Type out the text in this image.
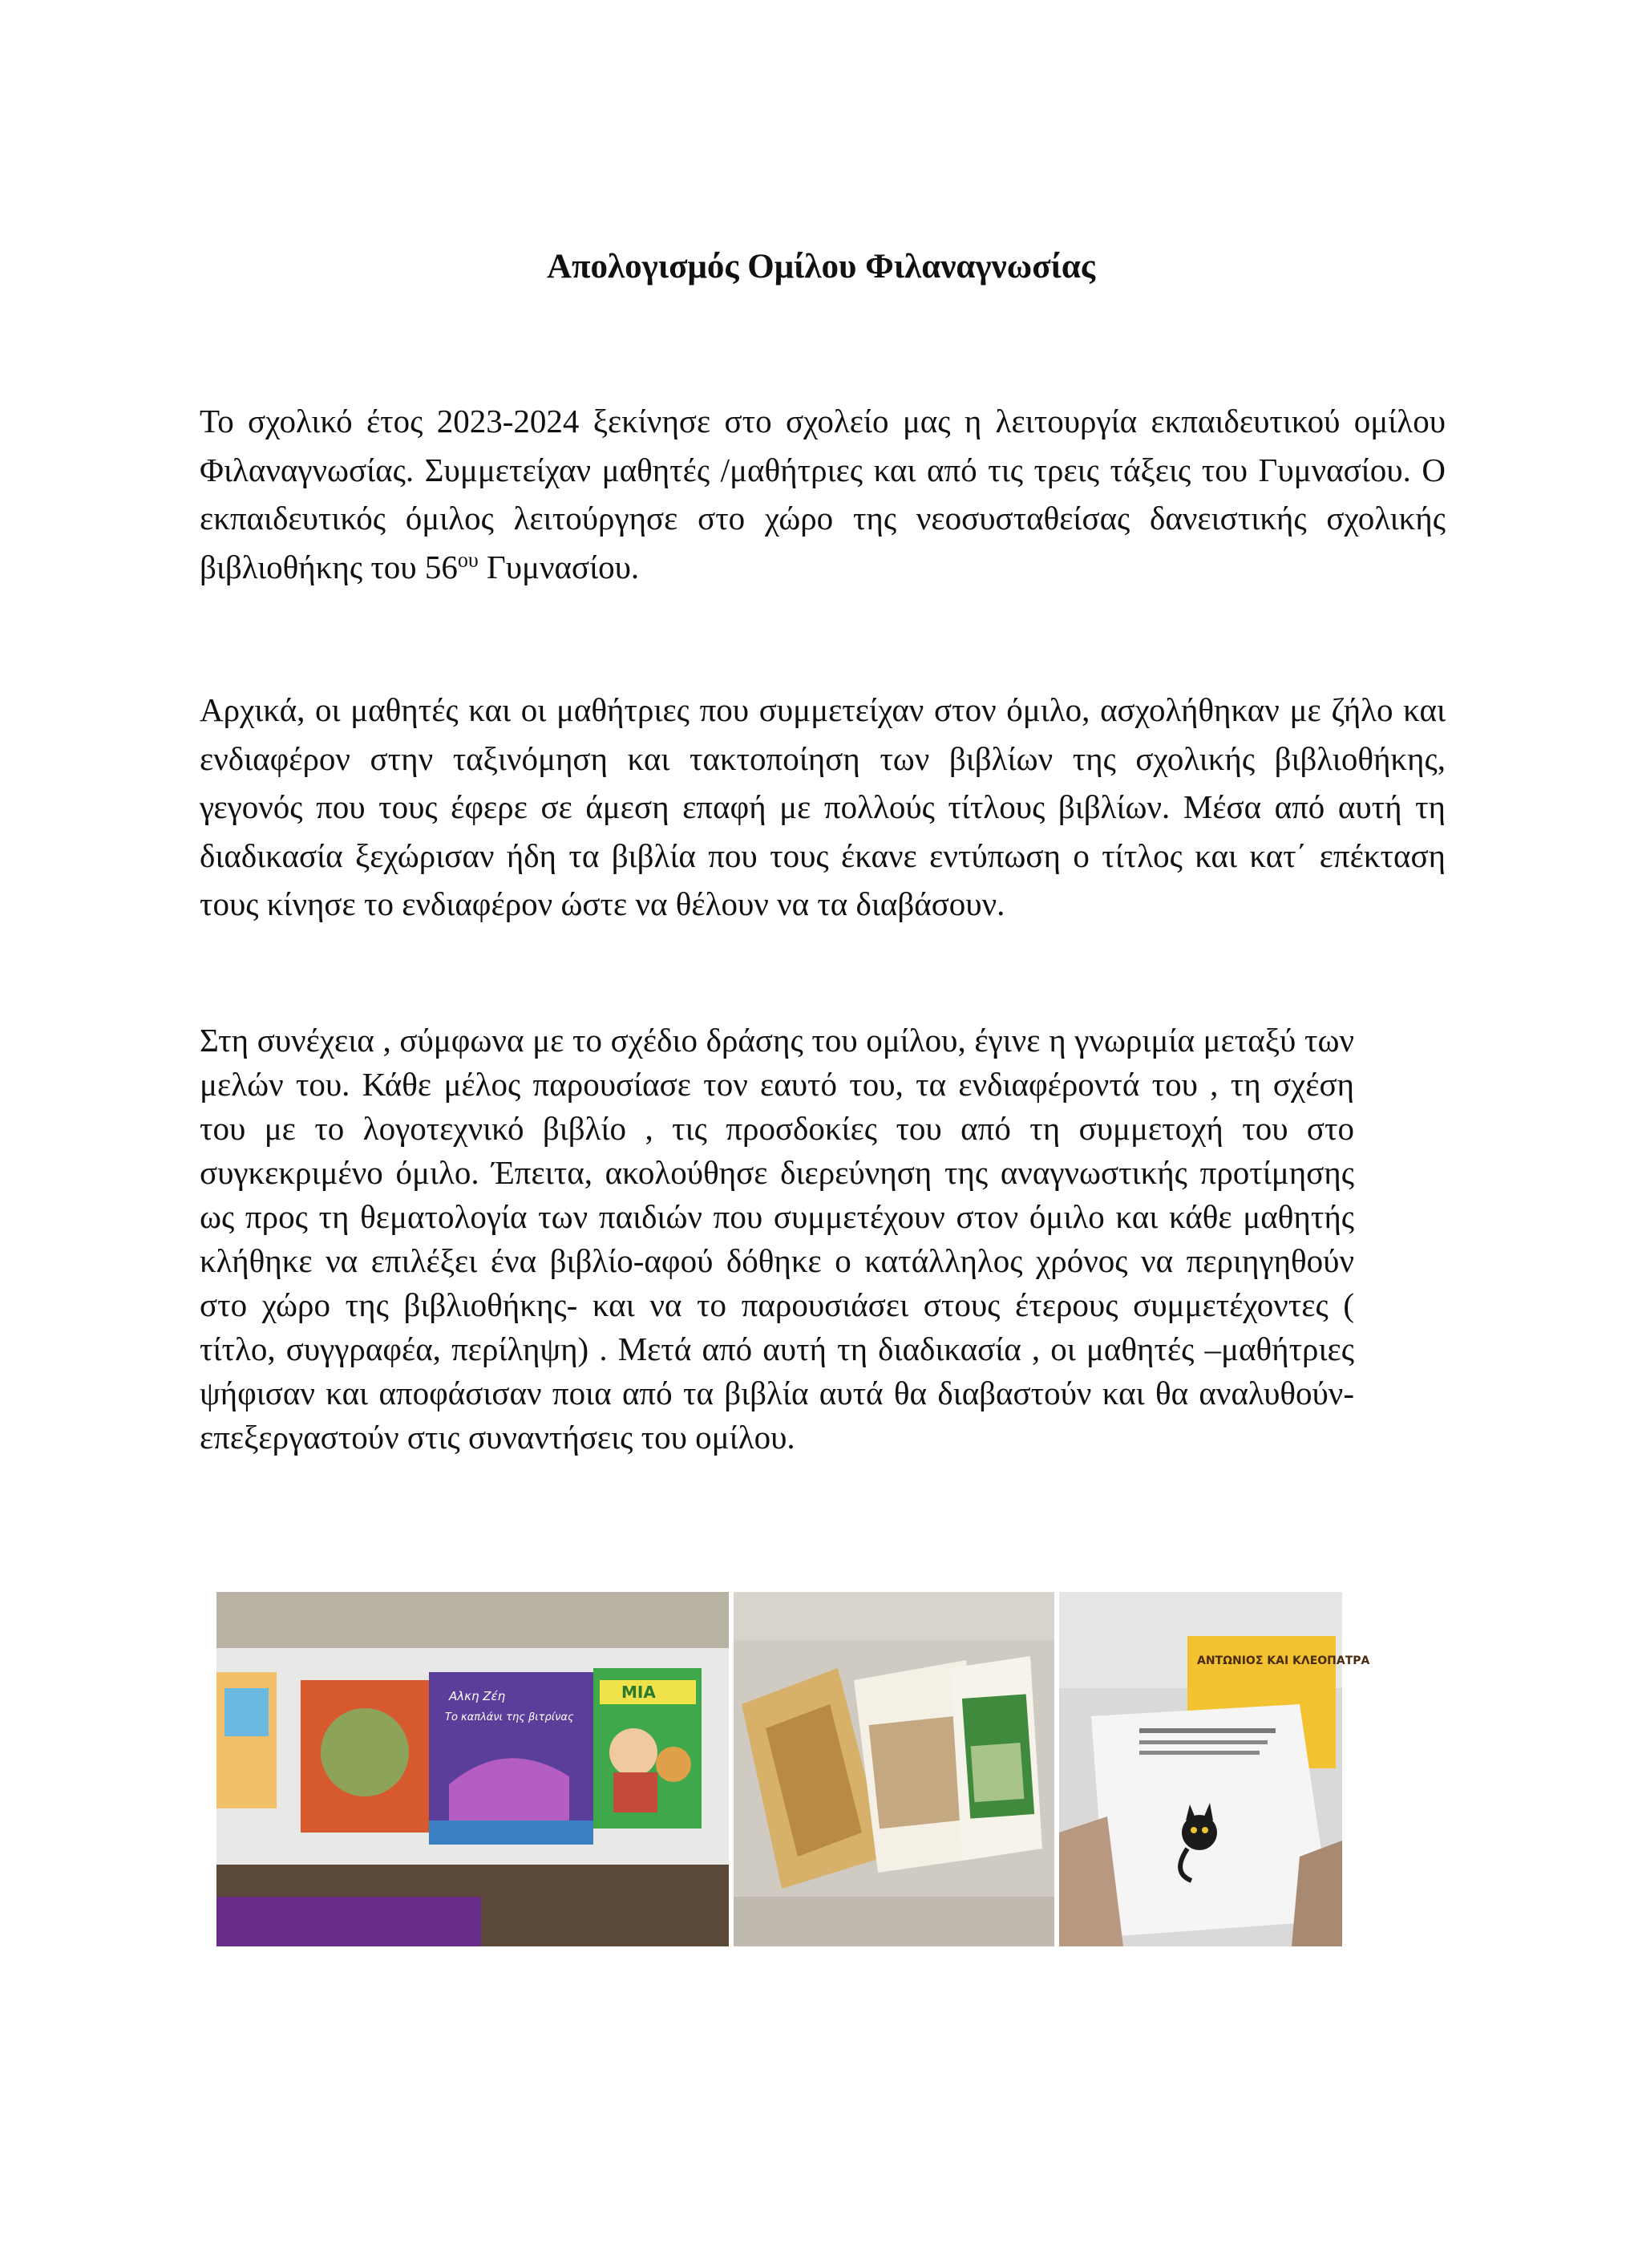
Απολογισμός Ομίλου Φιλαναγνωσίας

Το σχολικό έτος 2023-2024 ξεκίνησε στο σχολείο μας η λειτουργία εκπαιδευτικού ομίλου Φιλαναγνωσίας. Συμμετείχαν μαθητές /μαθήτριες και από τις τρεις τάξεις του Γυμνασίου. Ο εκπαιδευτικός όμιλος λειτούργησε στο χώρο της νεοσυσταθείσας δανειστικής σχολικής βιβλιοθήκης του $56^{o\upsilon}$ Γυμνασίου.

Αρχικά, οι μαθητές και οι μαθήτριες που συμμετείχαν στον όμιλο, ασχολήθηκαν με ζήλο και ενδιαφέρον στην ταξινόμηση και τακτοποίηση των βιβλίων της σχολικής βιβλιοθήκης, γεγονός που τους έφερε σε άμεση επαφή με πολλούς τίτλους βιβλίων. Μέσα από αυτή τη διαδικασία ξεχώρισαν ήδη τα βιβλία που τους έκανε εντύπωση ο τίτλος και κατ΄ επέκταση τους κίνησε το ενδιαφέρον ώστε να θέλουν να τα διαβάσουν.

Στη συνέχεια , σύμφωνα με το σχέδιο δράσης του ομίλου, έγινε η γνωριμία μεταξύ των μελών του. Κάθε μέλος παρουσίασε τον εαυτό του, τα ενδιαφέροντά του , τη σχέση του με το λογοτεχνικό βιβλίο , τις προσδοκίες του από τη συμμετοχή του στο συγκεκριμένο όμιλο. Έπειτα, ακολούθησε διερεύνηση της αναγνωστικής προτίμησης ως προς τη θεματολογία των παιδιών που συμμετέχουν στον όμιλο και κάθε μαθητής κλήθηκε να επιλέξει ένα βιβλίο-αφού δόθηκε ο κατάλληλος χρόνος να περιηγηθούν στο χώρο της βιβλιοθήκης- και να το παρουσιάσει στους έτερους συμμετέχοντες ( τίτλο, συγγραφέα, περίληψη) . Μετά από αυτή τη διαδικασία , οι μαθητές –μαθήτριες ψήφισαν και αποφάσισαν ποια από τα βιβλία αυτά θα διαβαστούν και θα αναλυθούν-επεξεργαστούν στις συναντήσεις του ομίλου.

Αλκη Ζέη
Το καπλάνι της βιτρίνας
ΜΙΑ
ΑΝΤΩΝΙΟΣ ΚΑΙ ΚΛΕΟΠΑΤΡΑ
